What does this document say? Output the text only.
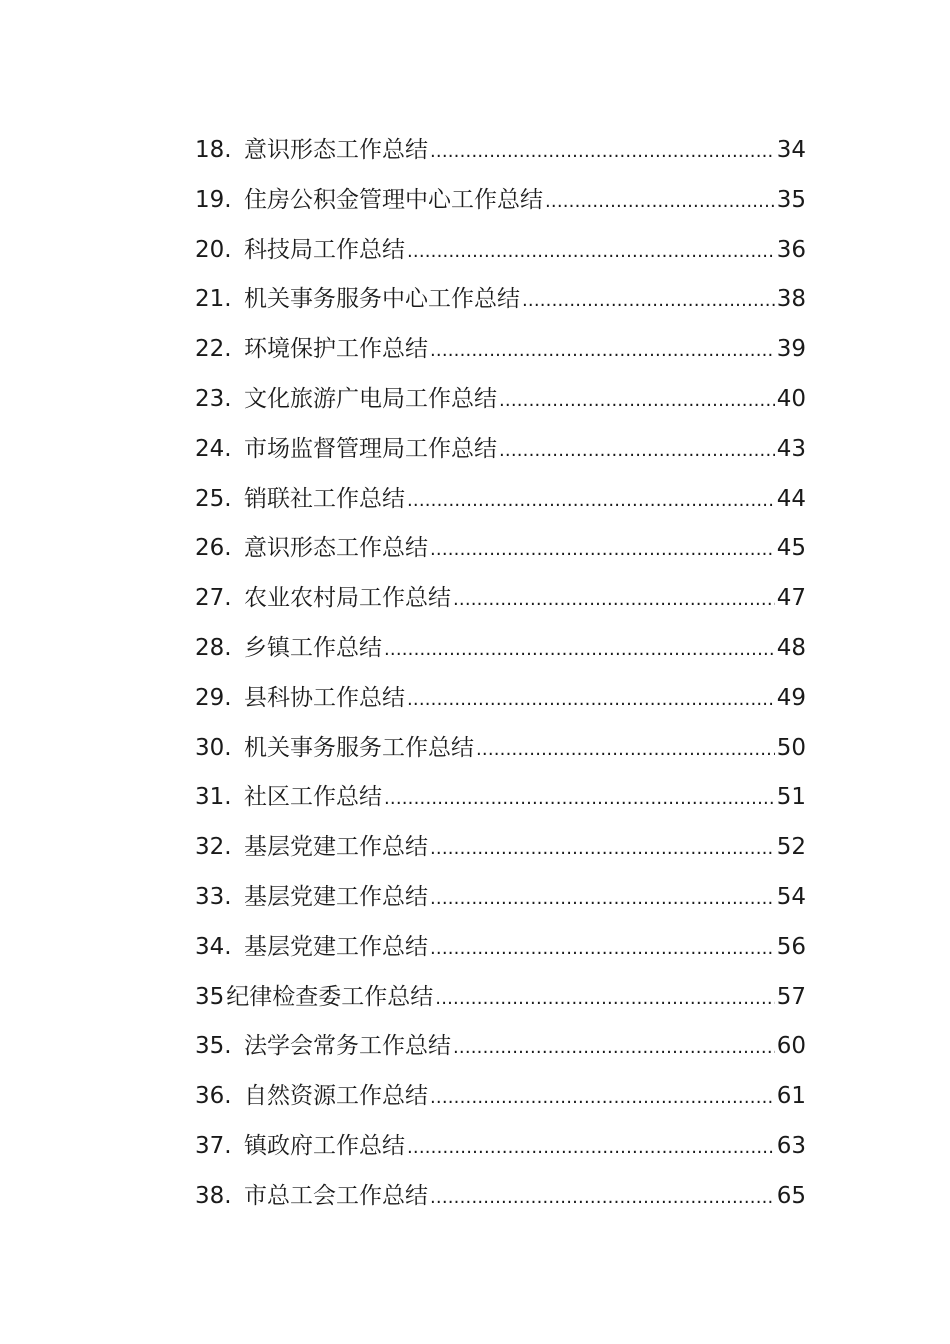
18. 意识形态工作总结 .....	34
19. 住房公积金管理中心工作总结 .....	35
20. 科技局工作总结 .....	36
21. 机关事务服务中心工作总结 .....	38
22. 环境保护工作总结 .....	39
23. 文化旅游广电局工作总结 .....	40
24. 市场监督管理局工作总结 .....	43
25. 销联社工作总结 .....	44
26. 意识形态工作总结 .....	45
27. 农业农村局工作总结 .....	47
28. 乡镇工作总结 .....	48
29. 县科协工作总结 .....	49
30. 机关事务服务工作总结 .....	50
31. 社区工作总结 .....	51
32. 基层党建工作总结 .....	52
33. 基层党建工作总结 .....	54
34. 基层党建工作总结 .....	56
35 纪律检查委工作总结 .....	57
35. 法学会常务工作总结 .....	60
36. 自然资源工作总结 .....	61
37. 镇政府工作总结 .....	63
38. 市总工会工作总结 .....	65
